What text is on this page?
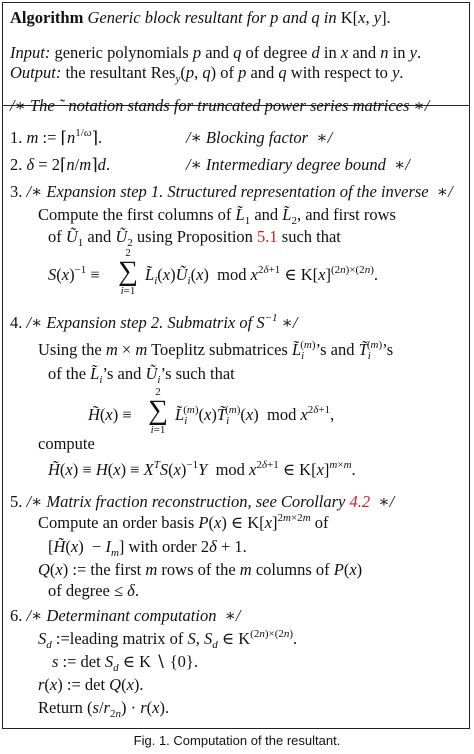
Algorithm Generic block resultant for p and q in K[x, y].
Input: generic polynomials p and q of degree d in x and n in y.
Output: the resultant Res$_y$(p, q) of p and q with respect to y.
/∗ The ˜ notation stands for truncated power series matrices ∗/
1. m := $⌈n^{1/\omega}⌉$.	/∗ Blocking factor  ∗/
2. δ = 2⌈n/m⌉d.	/∗ Intermediary degree bound  ∗/
3. /∗ Expansion step 1. Structured representation of the inverse  ∗/
Compute the first columns of $L̃_1$ and $L̃_2$, and first rows
of $Ũ_1$ and $Ũ_2$ using Proposition 5.1 such that
$S(x)^{-1}$ ≡
2
∑
i=1
$L̃_i(x)Ũ_i(x)$  mod $x^{2\delta+1}$ ∈ $K[x]^{(2n)\times(2n)}$.
4. /∗ Expansion step 2. Submatrix of $S^{-1}$ ∗/
Using the m × m Toeplitz submatrices $L̃_i^{(m)}’s$ and $T̃_i^{(m)}’s$
of the $L̃_i’s$ and $Ũ_i’s$ such that
H̃(x) ≡
2
∑
i=1
$L̃_i^{(m)}(x)T̃_i^{(m)}(x)$  mod $x^{2\delta+1}$,
compute
H̃(x) ≡ $H(x) \equiv X^TS(x)^{-1}Y$  mod $x^{2\delta+1}$ ∈ $K[x]^{m\times m}$.
5. /∗ Matrix fraction reconstruction, see Corollary 4.2  ∗/
Compute an order basis P(x) ∈ $K[x]^{2m\times 2m}$ of
[H̃(x)  − $I_m$] with order 2δ + 1.
Q(x) := the first m rows of the m columns of P(x)
of degree ≤ δ.
6. /∗ Determinant computation  ∗/
$S_d$ :=leading matrix of S, $S_d$ ∈ $K^{(2n)\times(2n)}$.
s := $\det S_d$ ∈ K ∖ {0}.
r(x) := det Q(x).
Return $(s/r_{2n}) \cdot r(x)$.
Fig. 1. Computation of the resultant.
